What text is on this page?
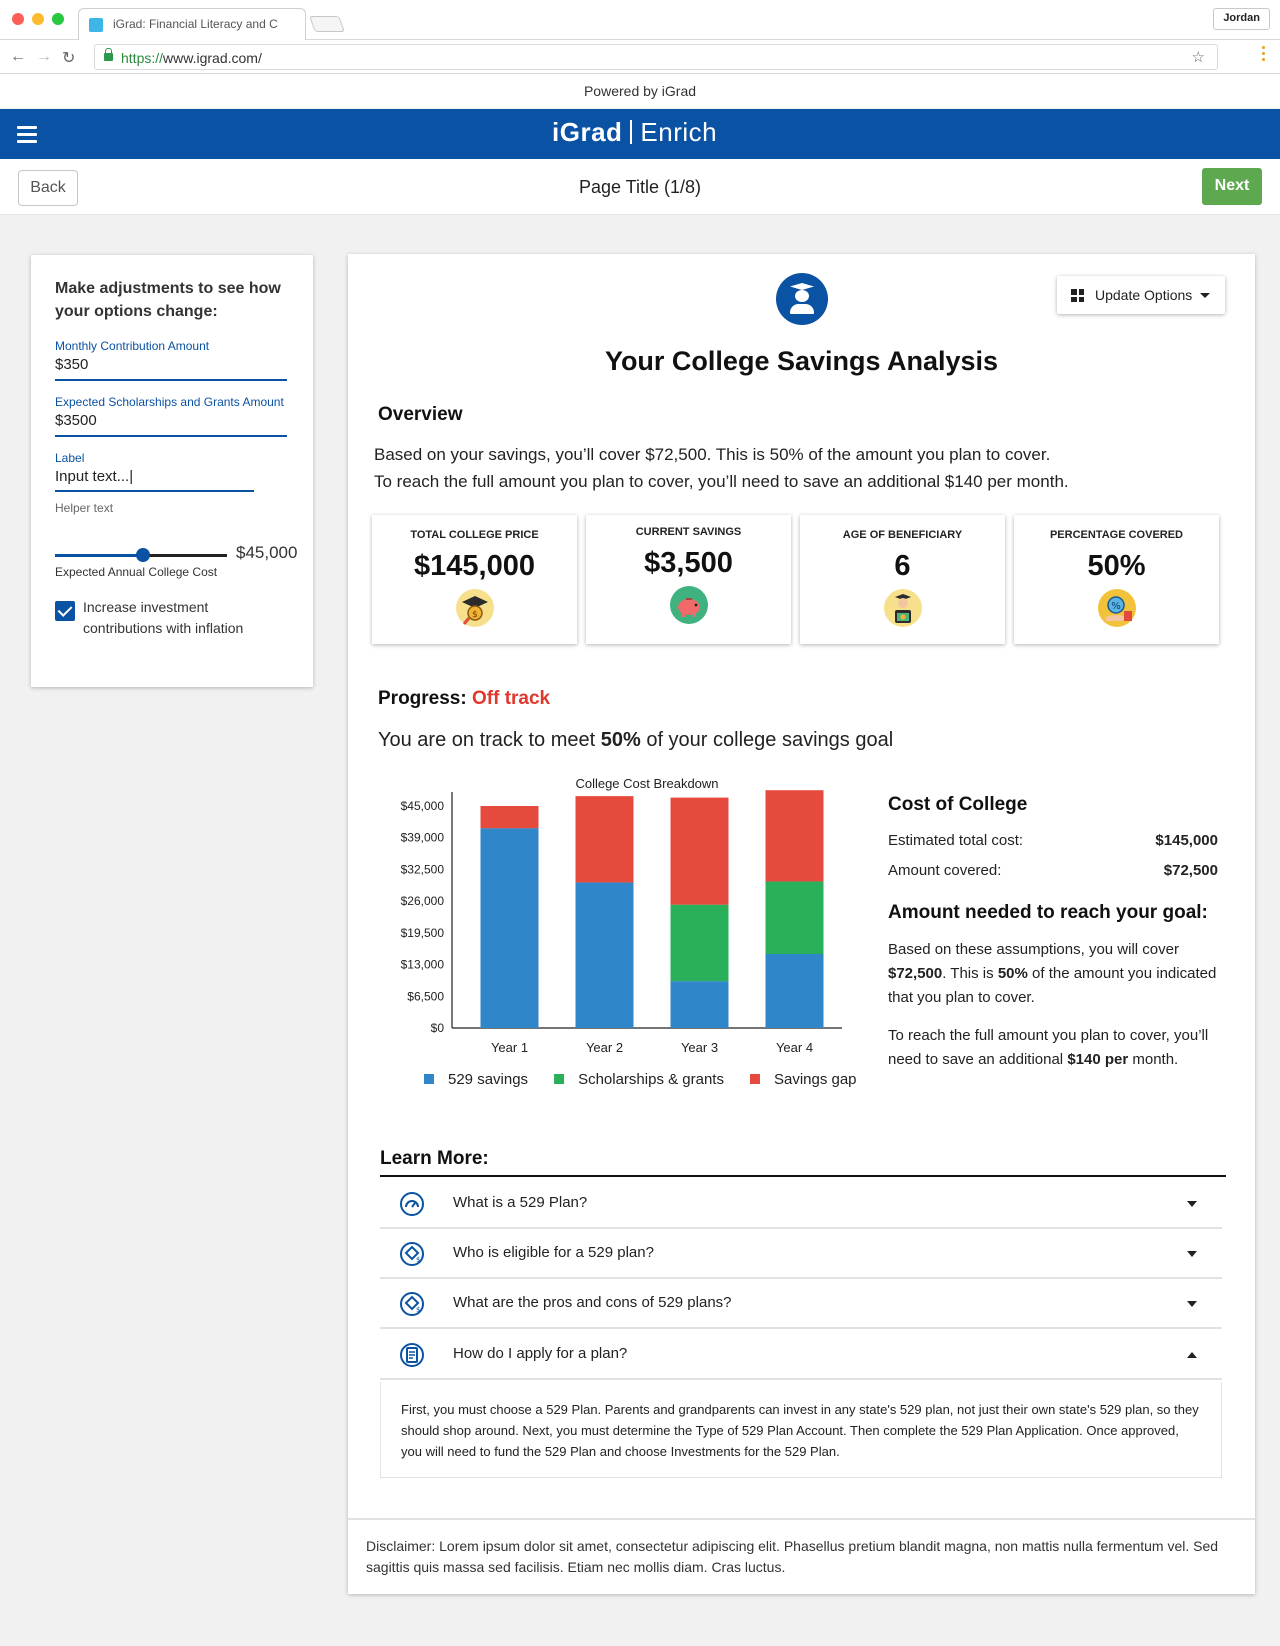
iGrad: Financial Literacy and C	Jordan
← → ↻	https://www.igrad.com/	☆
Powered by iGrad
iGrad Enrich
Back	Page Title (1/8)	Next
Make adjustments to see how your options change:
Monthly Contribution Amount
$350
Expected Scholarships and Grants Amount
$3500
Label
Input text...|
Helper text
$45,000
Expected Annual College Cost
Increase investment contributions with inflation
Update Options
Your College Savings Analysis
Overview
Based on your savings, you’ll cover $72,500. This is 50% of the amount you plan to cover.
To reach the full amount you plan to cover, you’ll need to save an additional $140 per month.
TOTAL COLLEGE PRICE
$145,000
$
CURRENT SAVINGS
$3,500
AGE OF BENEFICIARY
6
PERCENTAGE COVERED
50%
%
Progress: Off track
You are on track to meet 50% of your college savings goal
College Cost Breakdown
$0
$6,500
$13,000
$19,500
$26,000
$32,500
$39,000
$45,000
Year 1	Year 2	Year 3	Year 4
529 savings	Scholarships & grants	Savings gap
Cost of College
Estimated total cost:	$145,000
Amount covered:	$72,500
Amount needed to reach your goal:
Based on these assumptions, you will cover $72,500. This is 50% of the amount you indicated that you plan to cover.
To reach the full amount you plan to cover, you’ll need to save an additional $140 per month.
Learn More:
What is a 529 Plan?
$ Who is eligible for a 529 plan?
$ What are the pros and cons of 529 plans?
How do I apply for a plan?
First, you must choose a 529 Plan. Parents and grandparents can invest in any state's 529 plan, not just their own state's 529 plan, so they should shop around. Next, you must determine the Type of 529 Plan Account. Then complete the 529 Plan Application. Once approved, you will need to fund the 529 Plan and choose Investments for the 529 Plan.
Disclaimer: Lorem ipsum dolor sit amet, consectetur adipiscing elit. Phasellus pretium blandit magna, non mattis nulla fermentum vel. Sed sagittis quis massa sed facilisis. Etiam nec mollis diam. Cras luctus.
